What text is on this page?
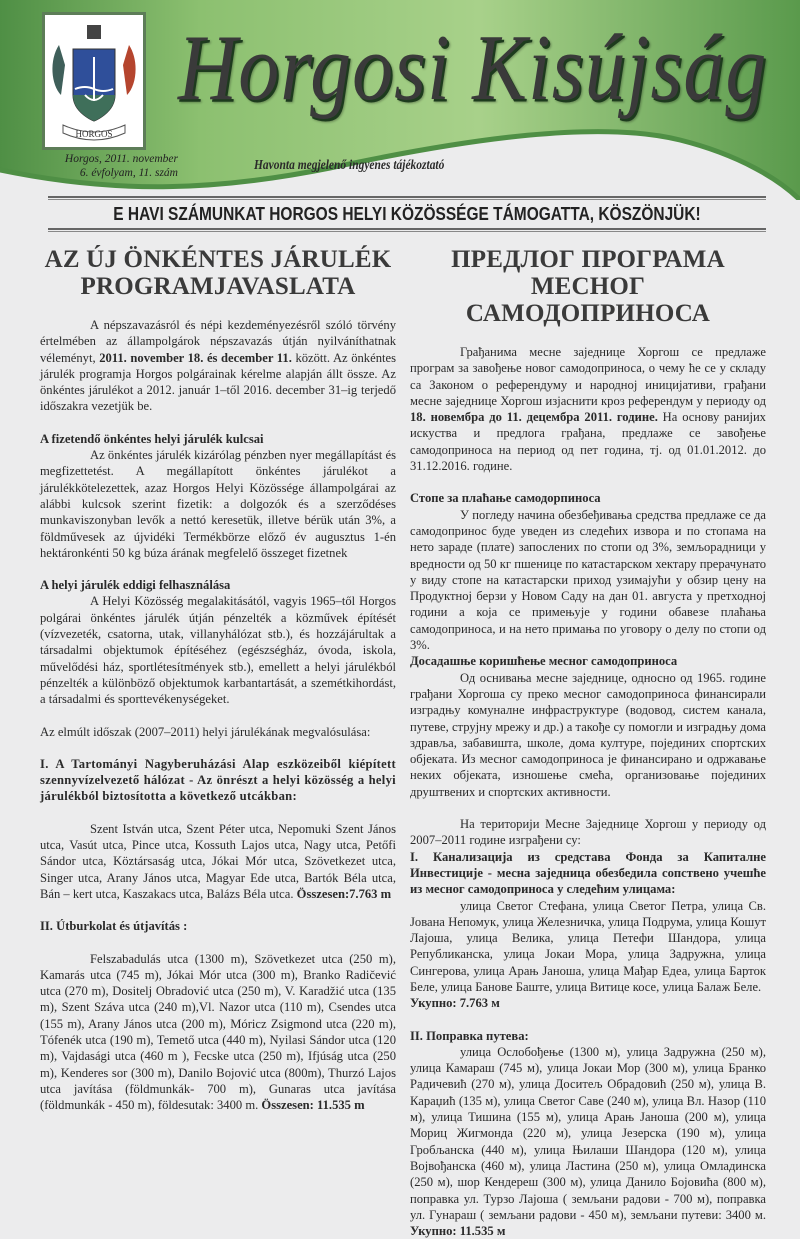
HORGOS
Horgosi Kisújság
Horgos, 2011. november
6. évfolyam, 11. szám	Havonta megjelenő ingyenes tájékoztató
E HAVI SZÁMUNKAT HORGOS HELYI KÖZÖSSÉGE TÁMOGATTA, KÖSZÖNJÜK!
AZ ÚJ ÖNKÉNTES JÁRULÉK PROGRAMJAVASLATA

A népszavazásról és népi kezdeményezésről szóló törvény értelmében az állampolgárok népszavazás útján nyilváníthatnak véleményt, 2011. november 18. és december 11. között. Az önkéntes járulék programja Horgos polgárainak kérelme alapján állt össze. Az önkéntes járulékot a 2012. január 1–től 2016. december 31–ig terjedő időszakra vezetjük be.

A fizetendő önkéntes helyi járulék kulcsai

Az önkéntes járulék kizárólag pénzben nyer megállapítást és megfizettetést. A megállapított önkéntes járulékot a járulékkötelezettek, azaz Horgos Helyi Közössége állampolgárai az alábbi kulcsok szerint fizetik: a dolgozók és a szerződéses munkaviszonyban levők a nettó keresetük, illetve bérük után 3%, a földművesek az újvidéki Termékbörze előző év augusztus 1-én hektáronkénti 50 kg búza árának megfelelő összeget fizetnek

A helyi járulék eddigi felhasználása

A Helyi Közösség megalakitásától, vagyis 1965–től Horgos polgárai önkéntes járulék útján pénzelték a közművek építését (vízvezeték, csatorna, utak, villanyhálózat stb.), és hozzájárultak a társadalmi objektumok építéséhez (egészségház, óvoda, iskola, művelődési ház, sportlétesítmények stb.), emellett a helyi járulékból pénzelték a különböző objektumok karbantartását, a szemétkihordást, a társadalmi és sporttevékenységeket.

Az elmúlt időszak (2007–2011) helyi járulékának megvalósulása:

I. A Tartományi Nagyberuházási Alap eszközeiből kiépített szennyvízelvezető hálózat - Az önrészt a helyi közösség a helyi járulékból biztosította a következő utcákban:

Szent István utca, Szent Péter utca, Nepomuki Szent János utca, Vasút utca, Pince utca, Kossuth Lajos utca, Nagy utca, Petőfi Sándor utca, Köztársaság utca, Jókai Mór utca, Szövetkezet utca, Singer utca, Arany János utca, Magyar Ede utca, Bartók Béla utca, Bán – kert utca, Kaszakacs utca, Balázs Béla utca. Összesen:7.763 m

II. Útburkolat és útjavítás :

Felszabadulás utca (1300 m), Szövetkezet utca (250 m), Kamarás utca (745 m), Jókai Mór utca (300 m), Branko Radičević utca (270 m), Dositelj Obradović utca (250 m), V. Karadžić utca (135 m), Szent Száva utca (240 m),Vl. Nazor utca (110 m), Csendes utca (155 m), Arany János utca (200 m), Móricz Zsigmond utca (220 m), Tófenék utca (190 m), Temető utca (440 m), Nyilasi Sándor utca (120 m), Vajdasági utca (460 m ), Fecske utca (250 m), Ifjúság utca (250 m), Kenderes sor (300 m), Danilo Bojović utca (800m), Thurzó Lajos utca javítása (földmunkák- 700 m), Gunaras utca javítása (földmunkák - 450 m), földesutak: 3400 m. Összesen: 11.535 m

ПРЕДЛОГ ПРОГРАМА МЕСНОГ САМОДОПРИНОСА

Грађанима месне заједнице Хоргош се предлаже програм за завођење новог самодоприноса, о чему ће се у складу са Законом о референдуму и народној иницијативи, грађани месне заједнице Хоргош изјаснити кроз референдум у периоду од 18. новембра до 11. децембра 2011. године. На основу ранијих искуства и предлога грађана, предлаже се завођење самодоприноса на период од пет година, тј. од 01.01.2012. до 31.12.2016. године.

Стопе за плаћање самодорпиноса

У погледу начина обезбеђивања средства предлаже се да самодопринос буде уведен из следећих извора и по стопама на нето зараде (плате) запослених по стопи од 3%, земљорадници у вредности од 50 кг пшенице по катастарском хектару прерачунато у виду стопе на катастарски приход узимајући у обзир цену на Продуктној берзи у Новом Саду на дан 01. августа у претходној години а која се примењује у години обавезе плаћања самодоприноса, и на нето примања по уговору о делу по стопи од 3%.

Досадашње коришћење месног самодоприноса

Од оснивања месне заједнице, односно од 1965. године грађани Хоргоша су преко месног самодоприноса финансирали изградњу комуналне инфраструктуре (водовод, систем канала, путеве, струјну мрежу и др.) а такође су помогли и изградњу дома здравља, забавишта, школе, дома културе, појединих спортских објеката. Из месног самодоприноса је финансирано и одржавање неких објеката, изношење смећа, организовање појединих друштвених и спортских активности.

На територији Месне Заједнице Хоргош у периоду од 2007–2011 године изграђени су:

I. Канализација из средстава Фонда за Капиталне Инвестиције - месна заједница обезбедила сопствено учешће из месног самодоприноса у следећим улицама:

улица Светог Стефана, улица Светог Петра, улица Св. Јована Непомук, улица Железничка, улица Подрума, улица Кошут Лајоша, улица Велика, улица Петефи Шандора, улица Републиканска, улица Јокаи Мора, улица Задружна, улица Сингерова, улица Арањ Јаноша, улица Мађар Едеа, улица Барток Беле, улица Банове Баште, улица Витице косе, улица Балаж Беле.

Укупно: 7.763 м

II. Поправка путева:

улица Ослобођење (1300 м), улица Задружна (250 м), улица Камараш (745 м), улица Јокаи Мор (300 м), улица Бранко Радичевић (270 м), улица Доситељ Обрадовић (250 м), улица В. Караџић (135 м), улица Светог Саве (240 м), улица Вл. Назор (110 м), улица Тишина (155 м), улица Арањ Јаноша (200 м), улица Мориц Жигмонда (220 м), улица Језерска (190 м), улица Гробљанска (440 м), улица Њилаши Шандора (120 м), улица Војвођанска (460 м), улица Ластина (250 м), улица Омладинска (250 м), шор Кендереш (300 м), улица Данило Бојовића (800 м), поправка ул. Турзо Лајоша ( земљани радови - 700 м), поправка ул. Гунараш ( земљани радови - 450 м), земљани путеви: 3400 м. Укупно: 11.535 м
